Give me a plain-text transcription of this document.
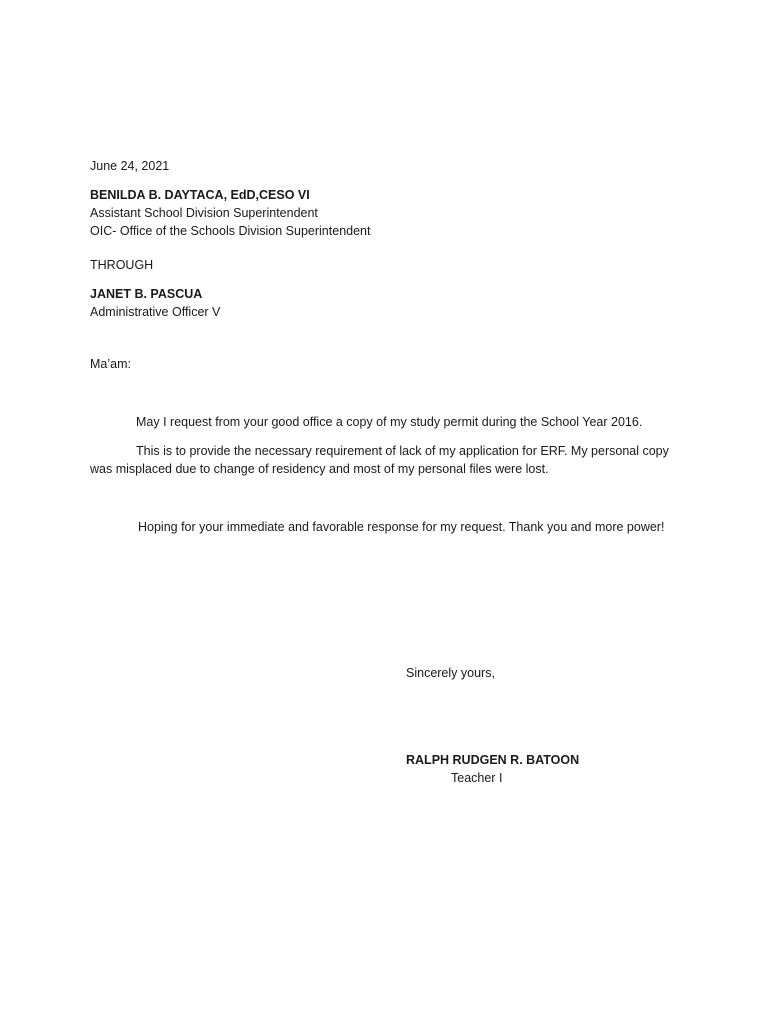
June 24, 2021
BENILDA B. DAYTACA, EdD,CESO VI
Assistant School Division Superintendent
OIC- Office of the Schools Division Superintendent
THROUGH
JANET B. PASCUA
Administrative Officer V
Ma’am:
May I request from your good office a copy of my study permit during the School Year 2016.
This is to provide the necessary requirement of lack of my application for ERF. My personal copy
was misplaced due to change of residency and most of my personal files were lost.
Hoping for your immediate and favorable response for my request. Thank you and more power!
Sincerely yours,
RALPH RUDGEN R. BATOON
Teacher I
